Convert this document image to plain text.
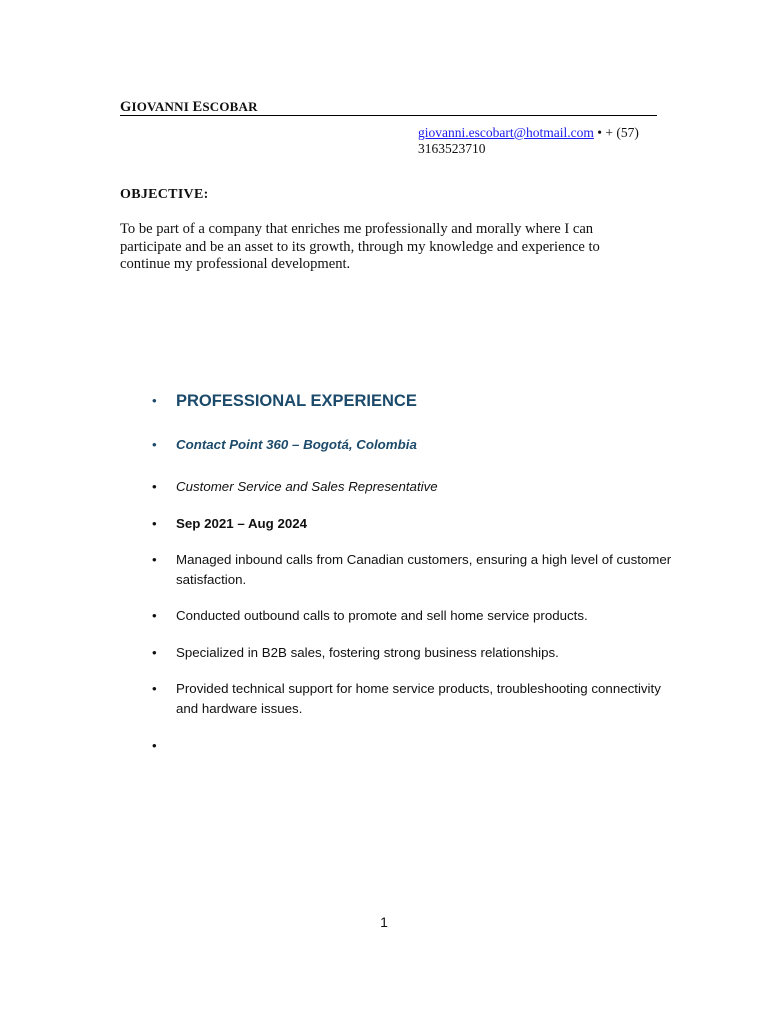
GIOVANNI ESCOBAR
giovanni.escobart@hotmail.com • + (57)
3163523710
OBJECTIVE:
To be part of a company that enriches me professionally and morally where I can participate and be an asset to its growth, through my knowledge and experience to continue my professional development.
•	PROFESSIONAL EXPERIENCE
•	Contact Point 360 – Bogotá, Colombia
•	Customer Service and Sales Representative
•	Sep 2021 – Aug 2024
•	Managed inbound calls from Canadian customers, ensuring a high level of customer satisfaction.
•	Conducted outbound calls to promote and sell home service products.
•	Specialized in B2B sales, fostering strong business relationships.
•	Provided technical support for home service products, troubleshooting connectivity and hardware issues.
•
1
